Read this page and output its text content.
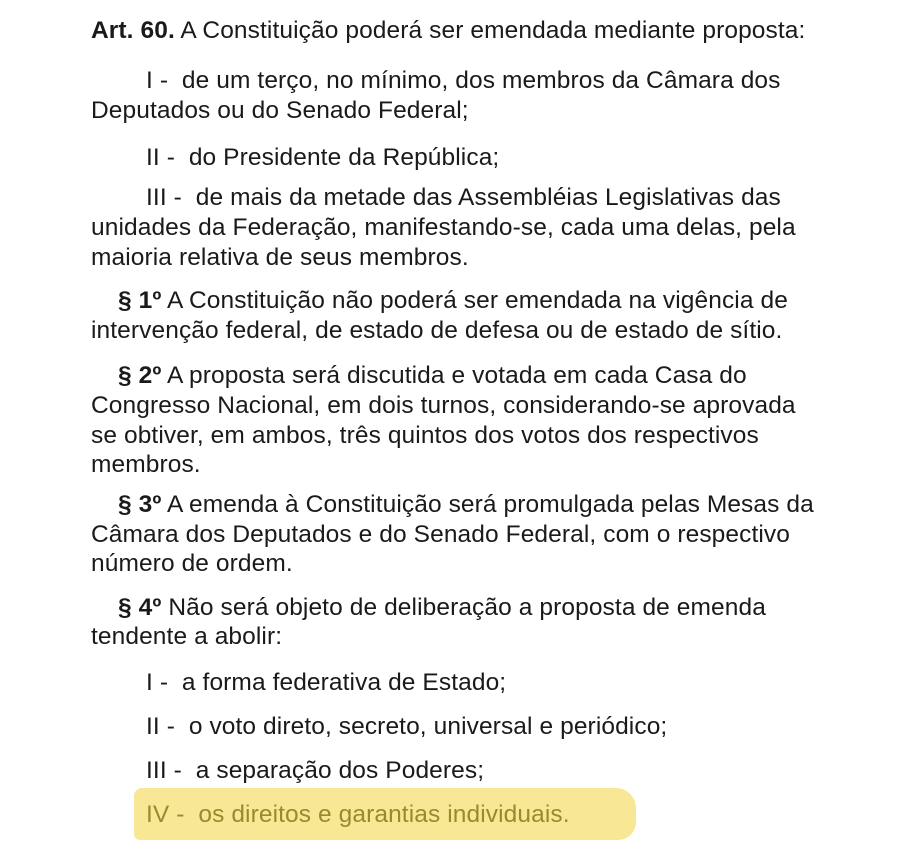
Art. 60. A Constituição poderá ser emendada mediante proposta:
I - de um terço, no mínimo, dos membros da Câmara dos
Deputados ou do Senado Federal;
II - do Presidente da República;
III - de mais da metade das Assembléias Legislativas das
unidades da Federação, manifestando-se, cada uma delas, pela
maioria relativa de seus membros.
§ 1º A Constituição não poderá ser emendada na vigência de
intervenção federal, de estado de defesa ou de estado de sítio.
§ 2º A proposta será discutida e votada em cada Casa do
Congresso Nacional, em dois turnos, considerando-se aprovada
se obtiver, em ambos, três quintos dos votos dos respectivos
membros.
§ 3º A emenda à Constituição será promulgada pelas Mesas da
Câmara dos Deputados e do Senado Federal, com o respectivo
número de ordem.
§ 4º Não será objeto de deliberação a proposta de emenda
tendente a abolir:
I - a forma federativa de Estado;
II - o voto direto, secreto, universal e periódico;
III - a separação dos Poderes;
IV - os direitos e garantias individuais.
